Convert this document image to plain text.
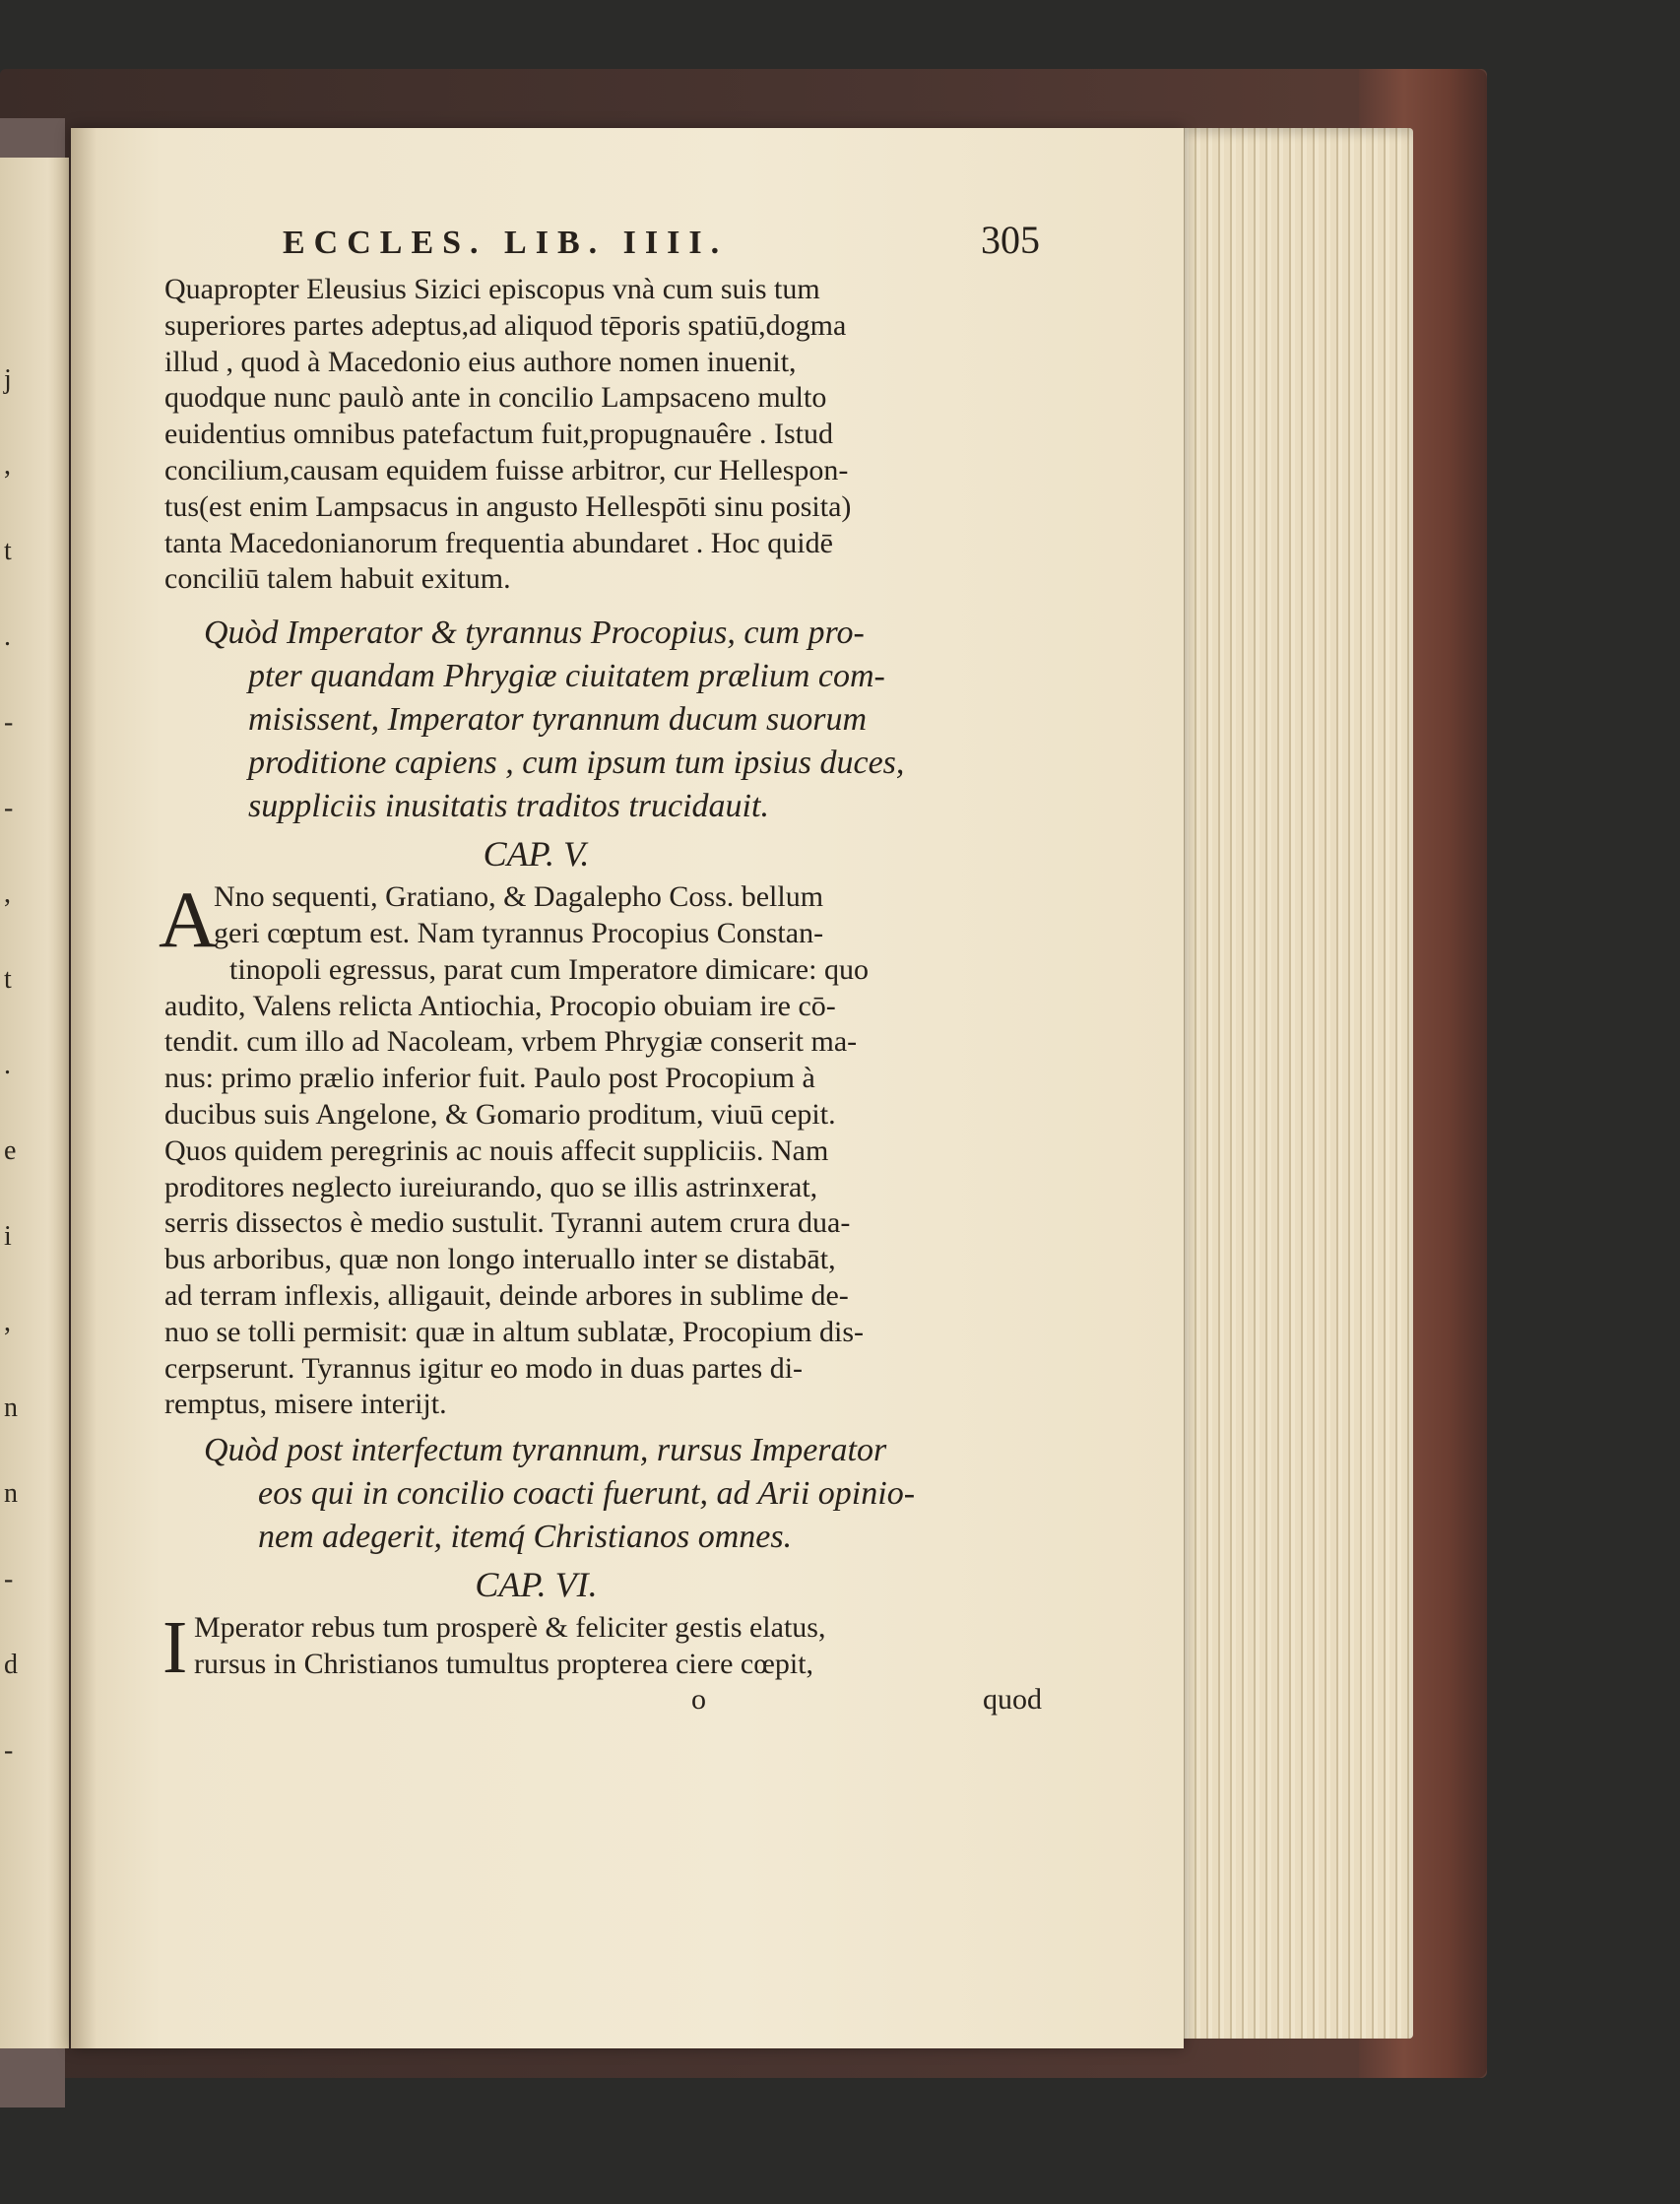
j
,
t
.
-
-
,
t
.
e
i
,
n
n
-
d
-
ECCLES. LIB. IIII.	305
Quapropter Eleusius Sizici episcopus vnà cum suis tum
superiores partes adeptus,ad aliquod tēporis spatiū,dogma
illud , quod à Macedonio eius authore nomen inuenit,
quodque nunc paulò ante in concilio Lampsaceno multo
euidentius omnibus patefactum fuit,propugnauêre . Istud
concilium,causam equidem fuisse arbitror, cur Hellespon-
tus(est enim Lampsacus in angusto Hellespōti sinu posita)
tanta Macedonianorum frequentia abundaret . Hoc quidē
conciliū talem habuit exitum.
Quòd Imperator & tyrannus Procopius, cum pro-
pter quandam Phrygiæ ciuitatem prælium com-
misissent, Imperator tyrannum ducum suorum
proditione capiens , cum ipsum tum ipsius duces,
suppliciis inusitatis traditos trucidauit.
CAP. V.
A
Nno sequenti, Gratiano, & Dagalepho Coss. bellum
geri cœptum est. Nam tyrannus Procopius Constan-
tinopoli egressus, parat cum Imperatore dimicare: quo
audito, Valens relicta Antiochia, Procopio obuiam ire cō-
tendit. cum illo ad Nacoleam, vrbem Phrygiæ conserit ma-
nus: primo prælio inferior fuit. Paulo post Procopium à
ducibus suis Angelone, & Gomario proditum, viuū cepit.
Quos quidem peregrinis ac nouis affecit suppliciis. Nam
proditores neglecto iureiurando, quo se illis astrinxerat,
serris dissectos è medio sustulit. Tyranni autem crura dua-
bus arboribus, quæ non longo interuallo inter se distabāt,
ad terram inflexis, alligauit, deinde arbores in sublime de-
nuo se tolli permisit: quæ in altum sublatæ, Procopium dis-
cerpserunt. Tyrannus igitur eo modo in duas partes di-
remptus, misere interijt.
Quòd post interfectum tyrannum, rursus Imperator
eos qui in concilio coacti fuerunt, ad Arii opinio-
nem adegerit, itemq́ Christianos omnes.
CAP. VI.
I Mperator rebus tum prosperè & feliciter gestis elatus,
rursus in Christianos tumultus propterea ciere cœpit,
o	quod
